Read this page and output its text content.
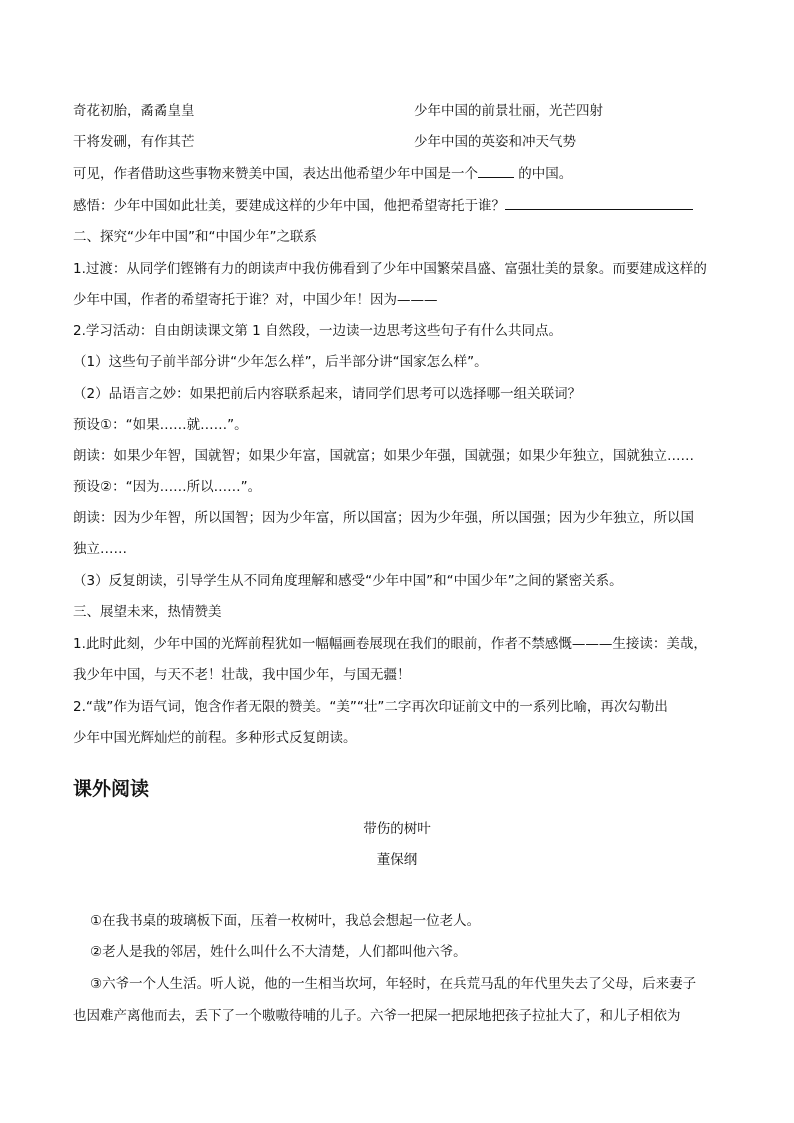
奇花初胎，矞矞皇皇	少年中国的前景壮丽，光芒四射
干将发硎，有作其芒	少年中国的英姿和冲天气势
可见，作者借助这些事物来赞美中国，表达出他希望少年中国是一个	的中国。
感悟：少年中国如此壮美，要建成这样的少年中国，他把希望寄托于谁？
二、探究“少年中国”和“中国少年”之联系
1.过渡：从同学们铿锵有力的朗读声中我仿佛看到了少年中国繁荣昌盛、富强壮美的景象。而要建成这样的
少年中国，作者的希望寄托于谁？对，中国少年！因为———
2.学习活动：自由朗读课文第 1 自然段，一边读一边思考这些句子有什么共同点。
（1）这些句子前半部分讲“少年怎么样”，后半部分讲“国家怎么样”。
（2）品语言之妙：如果把前后内容联系起来，请同学们思考可以选择哪一组关联词？
预设①：“如果……就……”。
朗读：如果少年智，国就智；如果少年富，国就富；如果少年强，国就强；如果少年独立，国就独立……
预设②：“因为……所以……”。
朗读：因为少年智，所以国智；因为少年富，所以国富；因为少年强，所以国强；因为少年独立，所以国
独立……
（3）反复朗读，引导学生从不同角度理解和感受“少年中国”和“中国少年”之间的紧密关系。
三、展望未来，热情赞美
1.此时此刻，少年中国的光辉前程犹如一幅幅画卷展现在我们的眼前，作者不禁感慨———生接读：美哉，
我少年中国，与天不老！壮哉，我中国少年，与国无疆！
2.“哉”作为语气词，饱含作者无限的赞美。“美”“壮”二字再次印证前文中的一系列比喻，再次勾勒出
少年中国光辉灿烂的前程。多种形式反复朗读。
课外阅读
带伤的树叶
董保纲
①在我书桌的玻璃板下面，压着一枚树叶，我总会想起一位老人。
②老人是我的邻居，姓什么叫什么不大清楚，人们都叫他六爷。
③六爷一个人生活。听人说，他的一生相当坎坷，年轻时，在兵荒马乱的年代里失去了父母，后来妻子
也因难产离他而去，丢下了一个嗷嗷待哺的儿子。六爷一把屎一把尿地把孩子拉扯大了，和儿子相依为
